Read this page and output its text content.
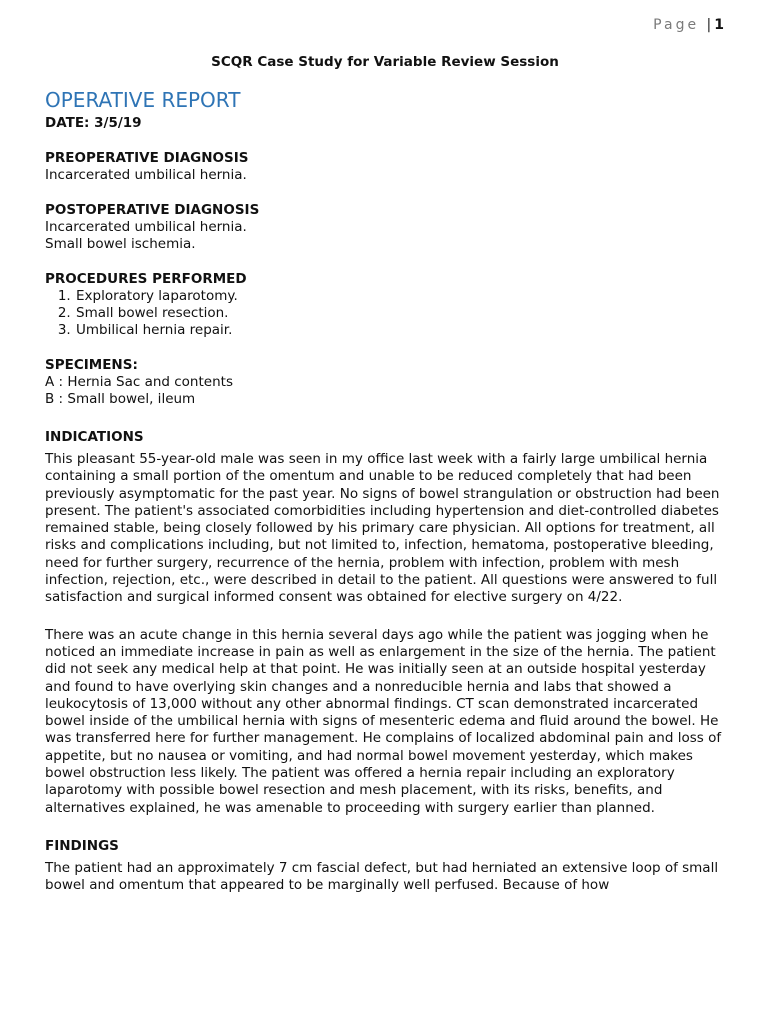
Page | 1
SCQR Case Study for Variable Review Session
OPERATIVE REPORT

DATE: 3/5/19

PREOPERATIVE DIAGNOSIS

Incarcerated umbilical hernia.

POSTOPERATIVE DIAGNOSIS

Incarcerated umbilical hernia.

Small bowel ischemia.

PROCEDURES PERFORMED

1. Exploratory laparotomy.
2. Small bowel resection.
3. Umbilical hernia repair.

SPECIMENS:

A : Hernia Sac and contents

B : Small bowel, ileum

INDICATIONS

This pleasant 55-year-old male was seen in my office last week with a fairly large umbilical hernia containing a small portion of the omentum and unable to be reduced completely that had been previously asymptomatic for the past year. No signs of bowel strangulation or obstruction had been present. The patient's associated comorbidities including hypertension and diet-controlled diabetes remained stable, being closely followed by his primary care physician. All options for treatment, all risks and complications including, but not limited to, infection, hematoma, postoperative bleeding, need for further surgery, recurrence of the hernia, problem with infection, problem with mesh infection, rejection, etc., were described in detail to the patient. All questions were answered to full satisfaction and surgical informed consent was obtained for elective surgery on 4/22.

There was an acute change in this hernia several days ago while the patient was jogging when he noticed an immediate increase in pain as well as enlargement in the size of the hernia. The patient did not seek any medical help at that point. He was initially seen at an outside hospital yesterday and found to have overlying skin changes and a nonreducible hernia and labs that showed a leukocytosis of 13,000 without any other abnormal findings. CT scan demonstrated incarcerated bowel inside of the umbilical hernia with signs of mesenteric edema and fluid around the bowel. He was transferred here for further management. He complains of localized abdominal pain and loss of appetite, but no nausea or vomiting, and had normal bowel movement yesterday, which makes bowel obstruction less likely. The patient was offered a hernia repair including an exploratory laparotomy with possible bowel resection and mesh placement, with its risks, benefits, and alternatives explained, he was amenable to proceeding with surgery earlier than planned.

FINDINGS

The patient had an approximately 7 cm fascial defect, but had herniated an extensive loop of small bowel and omentum that appeared to be marginally well perfused. Because of how
